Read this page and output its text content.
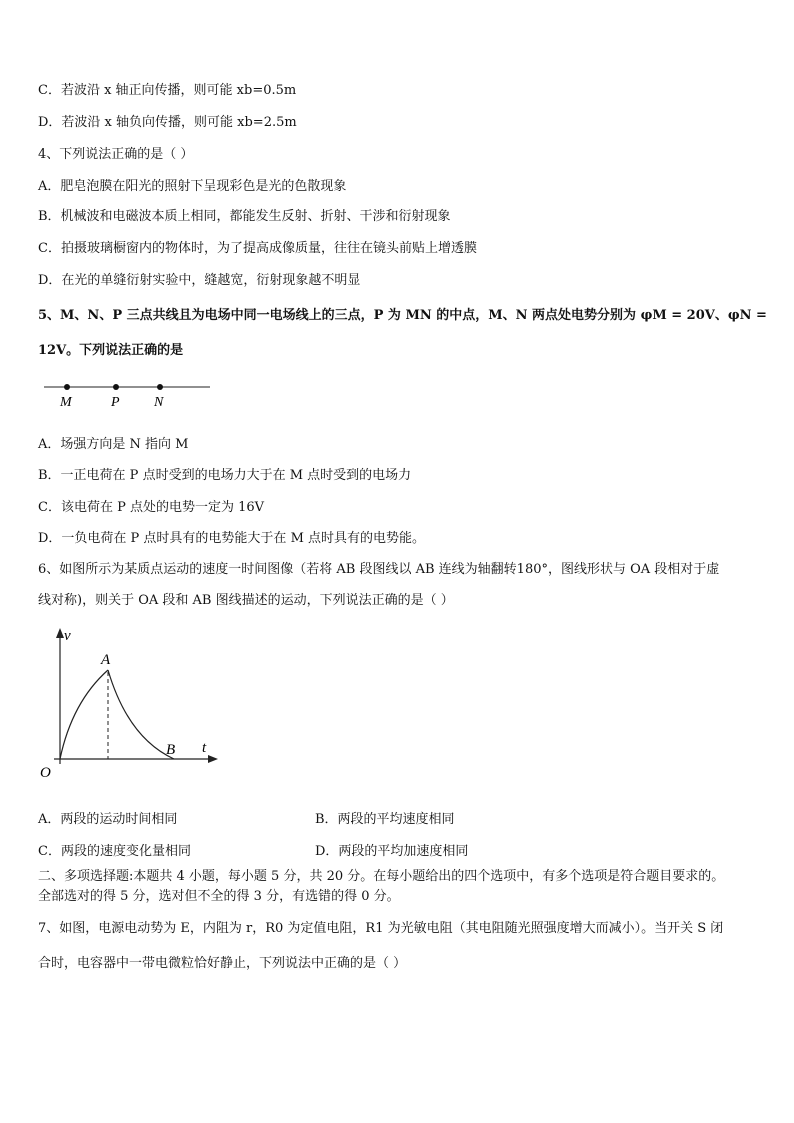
C．若波沿 x 轴正向传播，则可能 xb=0.5m
D．若波沿 x 轴负向传播，则可能 xb=2.5m
4、下列说法正确的是（ ）
A．肥皂泡膜在阳光的照射下呈现彩色是光的色散现象
B．机械波和电磁波本质上相同，都能发生反射、折射、干涉和衍射现象
C．拍摄玻璃橱窗内的物体时，为了提高成像质量，往往在镜头前贴上增透膜
D．在光的单缝衍射实验中，缝越宽，衍射现象越不明显
5、M、N、P 三点共线且为电场中同一电场线上的三点，P 为 MN 的中点，M、N 两点处电势分别为 φM = 20V、φN =
12V。下列说法正确的是
M	P N
A．场强方向是 N 指向 M
B．一正电荷在 P 点时受到的电场力大于在 M 点时受到的电场力
C．该电荷在 P 点处的电势一定为 16V
D．一负电荷在 P 点时具有的电势能大于在 M 点时具有的电势能。
6、如图所示为某质点运动的速度一时间图像（若将 AB 段图线以 AB 连线为轴翻转180°，图线形状与 OA 段相对于虚
线对称)，则关于 OA 段和 AB 图线描述的运动，下列说法正确的是（ ）
v
t
O
A
B
A．两段的运动时间相同	B．两段的平均速度相同
C．两段的速度变化量相同	D．两段的平均加速度相同
二、多项选择题:本题共 4 小题，每小题 5 分，共 20 分。在每小题给出的四个选项中，有多个选项是符合题目要求的。
全部选对的得 5 分，选对但不全的得 3 分，有选错的得 0 分。
7、如图，电源电动势为 E，内阻为 r，R0 为定值电阻，R1 为光敏电阻（其电阻随光照强度增大而减小）。当开关 S 闭
合时，电容器中一带电微粒恰好静止，下列说法中正确的是（ ）
